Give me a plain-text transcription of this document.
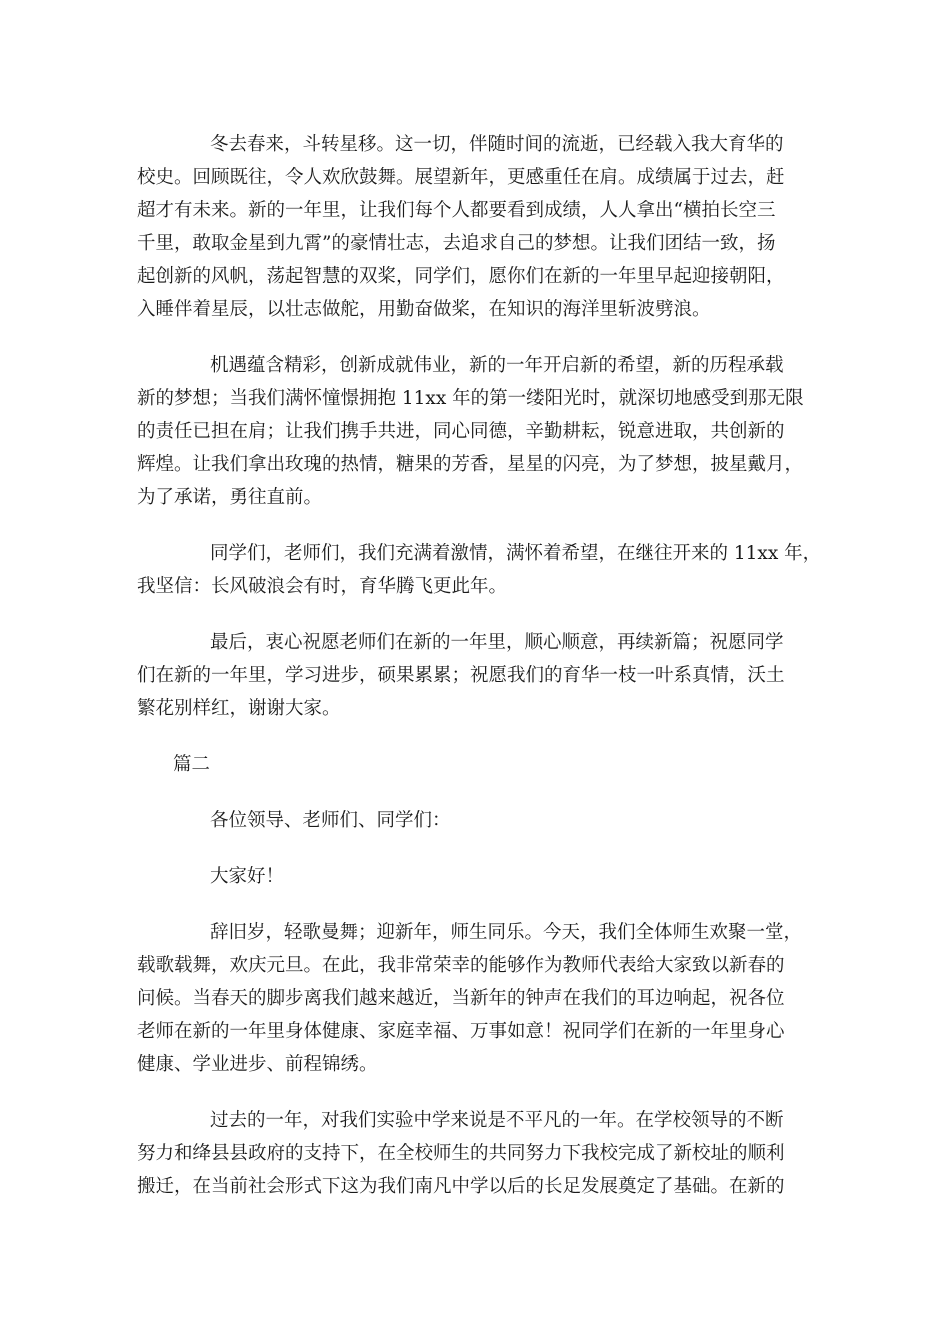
冬去春来，斗转星移。这一切，伴随时间的流逝，已经载入我大育华的
校史。回顾既往，令人欢欣鼓舞。展望新年，更感重任在肩。成绩属于过去，赶
超才有未来。新的一年里，让我们每个人都要看到成绩，人人拿出“横拍长空三
千里，敢取金星到九霄”的豪情壮志，去追求自己的梦想。让我们团结一致，扬
起创新的风帆，荡起智慧的双桨，同学们，愿你们在新的一年里早起迎接朝阳，
入睡伴着星辰，以壮志做舵，用勤奋做桨，在知识的海洋里斩波劈浪。

机遇蕴含精彩，创新成就伟业，新的一年开启新的希望，新的历程承载
新的梦想；当我们满怀憧憬拥抱 11xx 年的第一缕阳光时，就深切地感受到那无限
的责任已担在肩；让我们携手共进，同心同德，辛勤耕耘，锐意进取，共创新的
辉煌。让我们拿出玫瑰的热情，糖果的芳香，星星的闪亮，为了梦想，披星戴月，
为了承诺，勇往直前。

同学们，老师们，我们充满着激情，满怀着希望，在继往开来的 11xx 年，
我坚信：长风破浪会有时，育华腾飞更此年。

最后，衷心祝愿老师们在新的一年里，顺心顺意，再续新篇；祝愿同学
们在新的一年里，学习进步，硕果累累；祝愿我们的育华一枝一叶系真情，沃土
繁花别样红，谢谢大家。

篇二

各位领导、老师们、同学们：

大家好！

辞旧岁，轻歌曼舞；迎新年，师生同乐。今天，我们全体师生欢聚一堂，
载歌载舞，欢庆元旦。在此，我非常荣幸的能够作为教师代表给大家致以新春的
问候。当春天的脚步离我们越来越近，当新年的钟声在我们的耳边响起，祝各位
老师在新的一年里身体健康、家庭幸福、万事如意！祝同学们在新的一年里身心
健康、学业进步、前程锦绣。

过去的一年，对我们实验中学来说是不平凡的一年。在学校领导的不断
努力和绛县县政府的支持下，在全校师生的共同努力下我校完成了新校址的顺利
搬迁，在当前社会形式下这为我们南凡中学以后的长足发展奠定了基础。在新的
